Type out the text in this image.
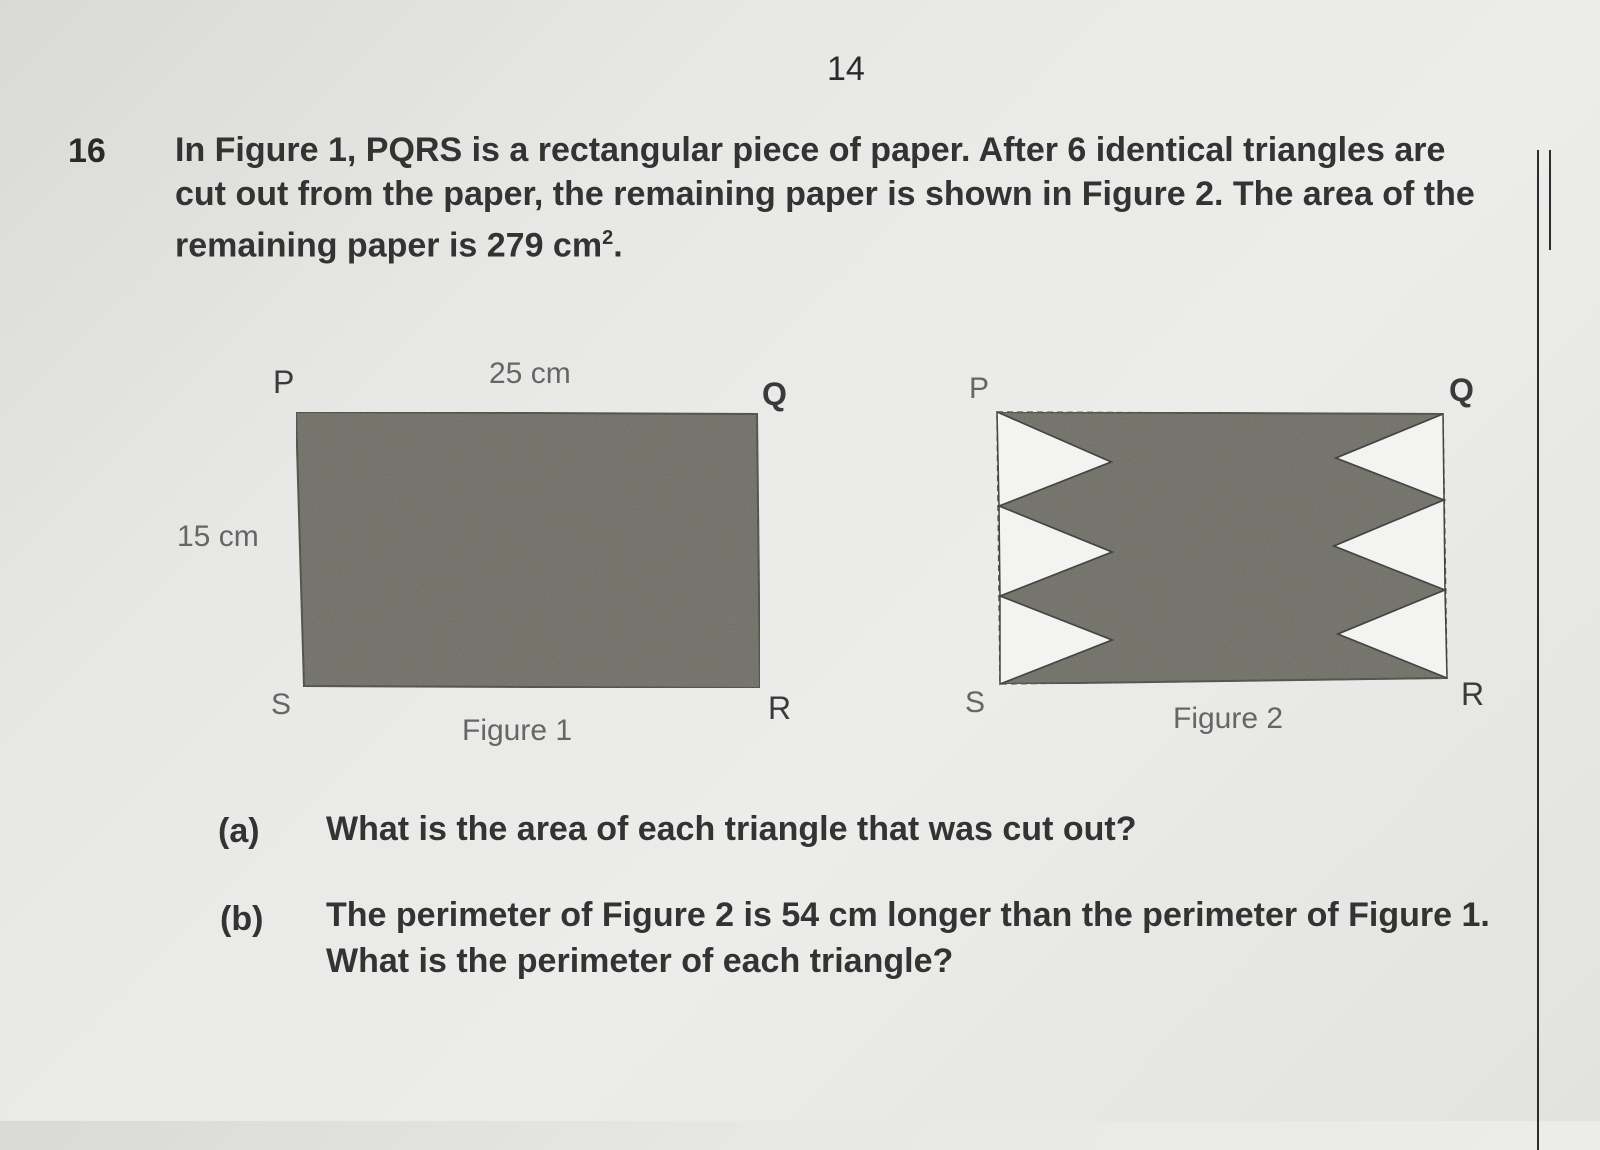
14
16 In Figure 1, PQRS is a rectangular piece of paper. After 6 identical triangles are
cut out from the paper, the remaining paper is shown in Figure 2. The area of the
remaining paper is 279 $cm^2$.
P	25 cm
Q
15 cm
S	R
Figure 1
P	Q
S	R
Figure 2
(a) What is the area of each triangle that was cut out?
(b) The perimeter of Figure 2 is 54 cm longer than the perimeter of Figure 1.
What is the perimeter of each triangle?
